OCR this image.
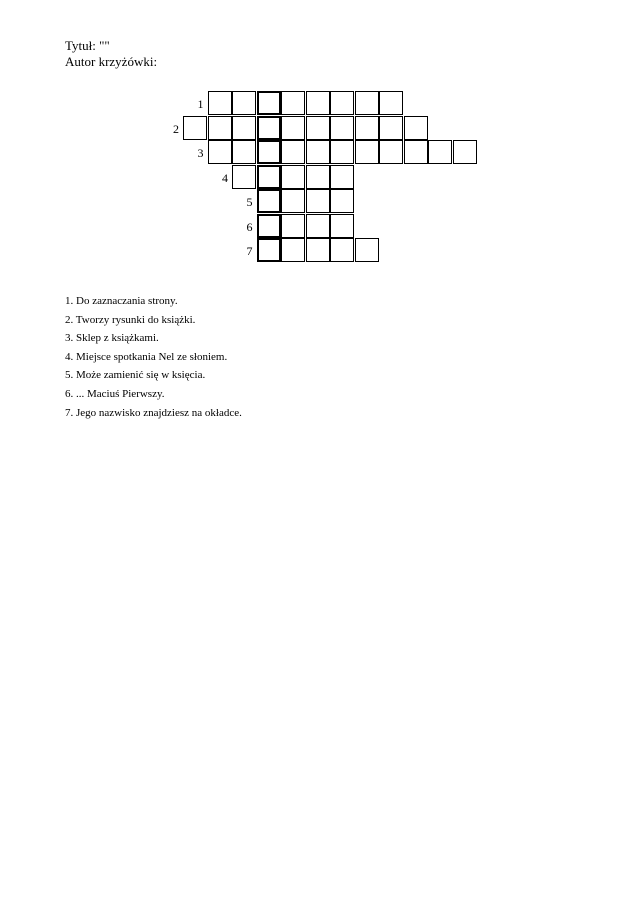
Tytuł: ""
Autor krzyżówki:
1
2
3
4
5
6
7
1. Do zaznaczania strony.
2. Tworzy rysunki do książki.
3. Sklep z książkami.
4. Miejsce spotkania Nel ze słoniem.
5. Może zamienić się w księcia.
6. ... Maciuś Pierwszy.
7. Jego nazwisko znajdziesz na okładce.
